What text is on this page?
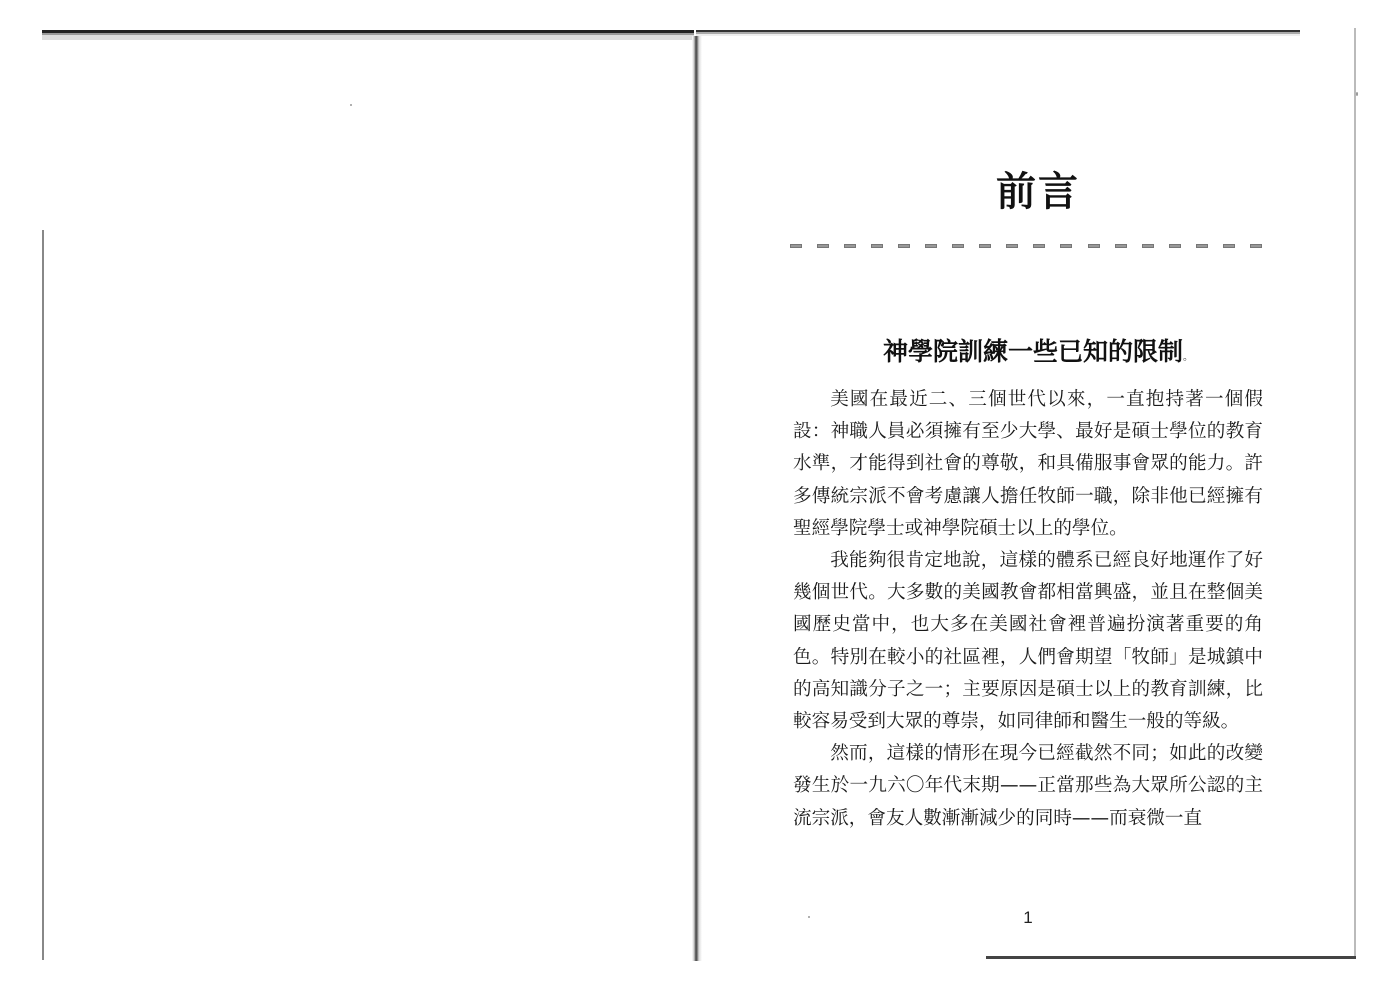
前言
神學院訓練一些已知的限制。

美國在最近二、三個世代以來，一直抱持著一個假設：神職人員必須擁有至少大學、最好是碩士學位的教育水準，才能得到社會的尊敬，和具備服事會眾的能力。許多傳統宗派不會考慮讓人擔任牧師一職，除非他已經擁有聖經學院學士或神學院碩士以上的學位。

我能夠很肯定地說，這樣的體系已經良好地運作了好幾個世代。大多數的美國教會都相當興盛，並且在整個美國歷史當中，也大多在美國社會裡普遍扮演著重要的角色。特別在較小的社區裡，人們會期望「牧師」是城鎮中的高知識分子之一；主要原因是碩士以上的教育訓練，比較容易受到大眾的尊崇，如同律師和醫生一般的等級。

然而，這樣的情形在現今已經截然不同；如此的改變發生於一九六〇年代末期——正當那些為大眾所公認的主流宗派，會友人數漸漸減少的同時——而衰微一直

1
